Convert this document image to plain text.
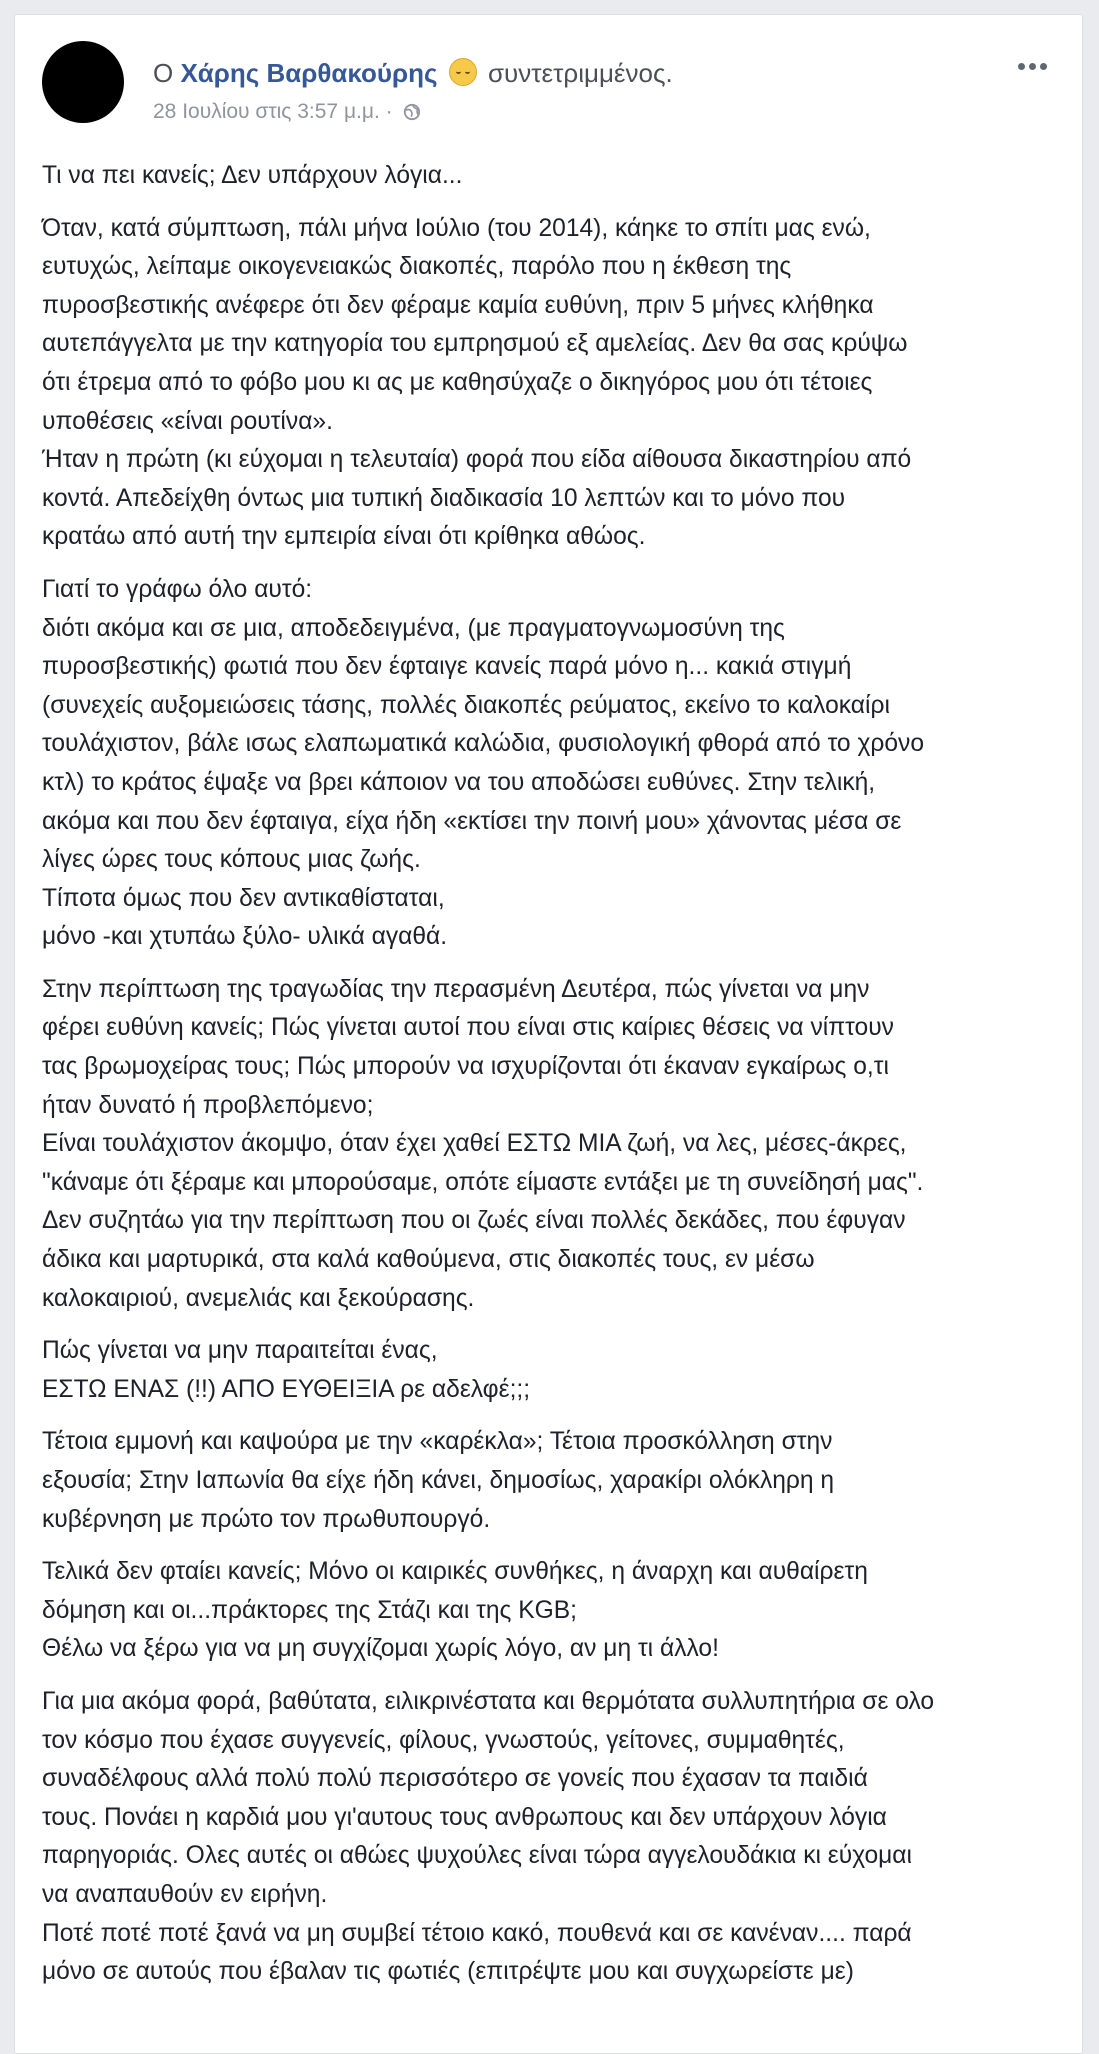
Ο Χάρης Βαρθακούρης συντετριμμένος.
28 Ιουλίου στις 3:57 μ.μ. ·

Τι να πει κανείς; Δεν υπάρχουν λόγια...

Όταν, κατά σύμπτωση, πάλι μήνα Ιούλιο (του 2014), κάηκε το σπίτι μας ενώ,
ευτυχώς, λείπαμε οικογενειακώς διακοπές, παρόλο που η έκθεση της
πυροσβεστικής ανέφερε ότι δεν φέραμε καμία ευθύνη, πριν 5 μήνες κλήθηκα
αυτεπάγγελτα με την κατηγορία του εμπρησμού εξ αμελείας. Δεν θα σας κρύψω
ότι έτρεμα από το φόβο μου κι ας με καθησύχαζε ο δικηγόρος μου ότι τέτοιες
υποθέσεις «είναι ρουτίνα».
Ήταν η πρώτη (κι εύχομαι η τελευταία) φορά που είδα αίθουσα δικαστηρίου από
κοντά. Απεδείχθη όντως μια τυπική διαδικασία 10 λεπτών και το μόνο που
κρατάω από αυτή την εμπειρία είναι ότι κρίθηκα αθώος.

Γιατί το γράφω όλο αυτό:
διότι ακόμα και σε μια, αποδεδειγμένα, (με πραγματογνωμοσύνη της
πυροσβεστικής) φωτιά που δεν έφταιγε κανείς παρά μόνο η... κακιά στιγμή
(συνεχείς αυξομειώσεις τάσης, πολλές διακοπές ρεύματος, εκείνο το καλοκαίρι
τουλάχιστον, βάλε ισως ελαπωματικά καλώδια, φυσιολογική φθορά από το χρόνο
κτλ) το κράτος έψαξε να βρει κάποιον να του αποδώσει ευθύνες. Στην τελική,
ακόμα και που δεν έφταιγα, είχα ήδη «εκτίσει την ποινή μου» χάνοντας μέσα σε
λίγες ώρες τους κόπους μιας ζωής.
Τίποτα όμως που δεν αντικαθίσταται,
μόνο -και χτυπάω ξύλο- υλικά αγαθά.

Στην περίπτωση της τραγωδίας την περασμένη Δευτέρα, πώς γίνεται να μην
φέρει ευθύνη κανείς; Πώς γίνεται αυτοί που είναι στις καίριες θέσεις να νίπτουν
τας βρωμοχείρας τους; Πώς μπορούν να ισχυρίζονται ότι έκαναν εγκαίρως ο,τι
ήταν δυνατό ή προβλεπόμενο;
Είναι τουλάχιστον άκομψο, όταν έχει χαθεί ΕΣΤΩ ΜΙΑ ζωή, να λες, μέσες-άκρες,
"κάναμε ότι ξέραμε και μπορούσαμε, οπότε είμαστε εντάξει με τη συνείδησή μας".
Δεν συζητάω για την περίπτωση που οι ζωές είναι πολλές δεκάδες, που έφυγαν
άδικα και μαρτυρικά, στα καλά καθούμενα, στις διακοπές τους, εν μέσω
καλοκαιριού, ανεμελιάς και ξεκούρασης.

Πώς γίνεται να μην παραιτείται ένας,
ΕΣΤΩ ΕΝΑΣ (!!) ΑΠΟ ΕΥΘΕΙΞΙΑ ρε αδελφέ;;;

Τέτοια εμμονή και καψούρα με την «καρέκλα»; Τέτοια προσκόλληση στην
εξουσία; Στην Ιαπωνία θα είχε ήδη κάνει, δημοσίως, χαρακίρι ολόκληρη η
κυβέρνηση με πρώτο τον πρωθυπουργό.

Τελικά δεν φταίει κανείς; Μόνο οι καιρικές συνθήκες, η άναρχη και αυθαίρετη
δόμηση και οι...πράκτορες της Στάζι και της KGB;
Θέλω να ξέρω για να μη συγχίζομαι χωρίς λόγο, αν μη τι άλλο!

Για μια ακόμα φορά, βαθύτατα, ειλικρινέστατα και θερμότατα συλλυπητήρια σε ολο
τον κόσμο που έχασε συγγενείς, φίλους, γνωστούς, γείτονες, συμμαθητές,
συναδέλφους αλλά πολύ πολύ περισσότερο σε γονείς που έχασαν τα παιδιά
τους. Πονάει η καρδιά μου γι'αυτους τους ανθρωπους και δεν υπάρχουν λόγια
παρηγοριάς. Ολες αυτές οι αθώες ψυχούλες είναι τώρα αγγελουδάκια κι εύχομαι
να αναπαυθούν εν ειρήνη.
Ποτέ ποτέ ποτέ ξανά να μη συμβεί τέτοιο κακό, πουθενά και σε κανέναν.... παρά
μόνο σε αυτούς που έβαλαν τις φωτιές (επιτρέψτε μου και συγχωρείστε με)
